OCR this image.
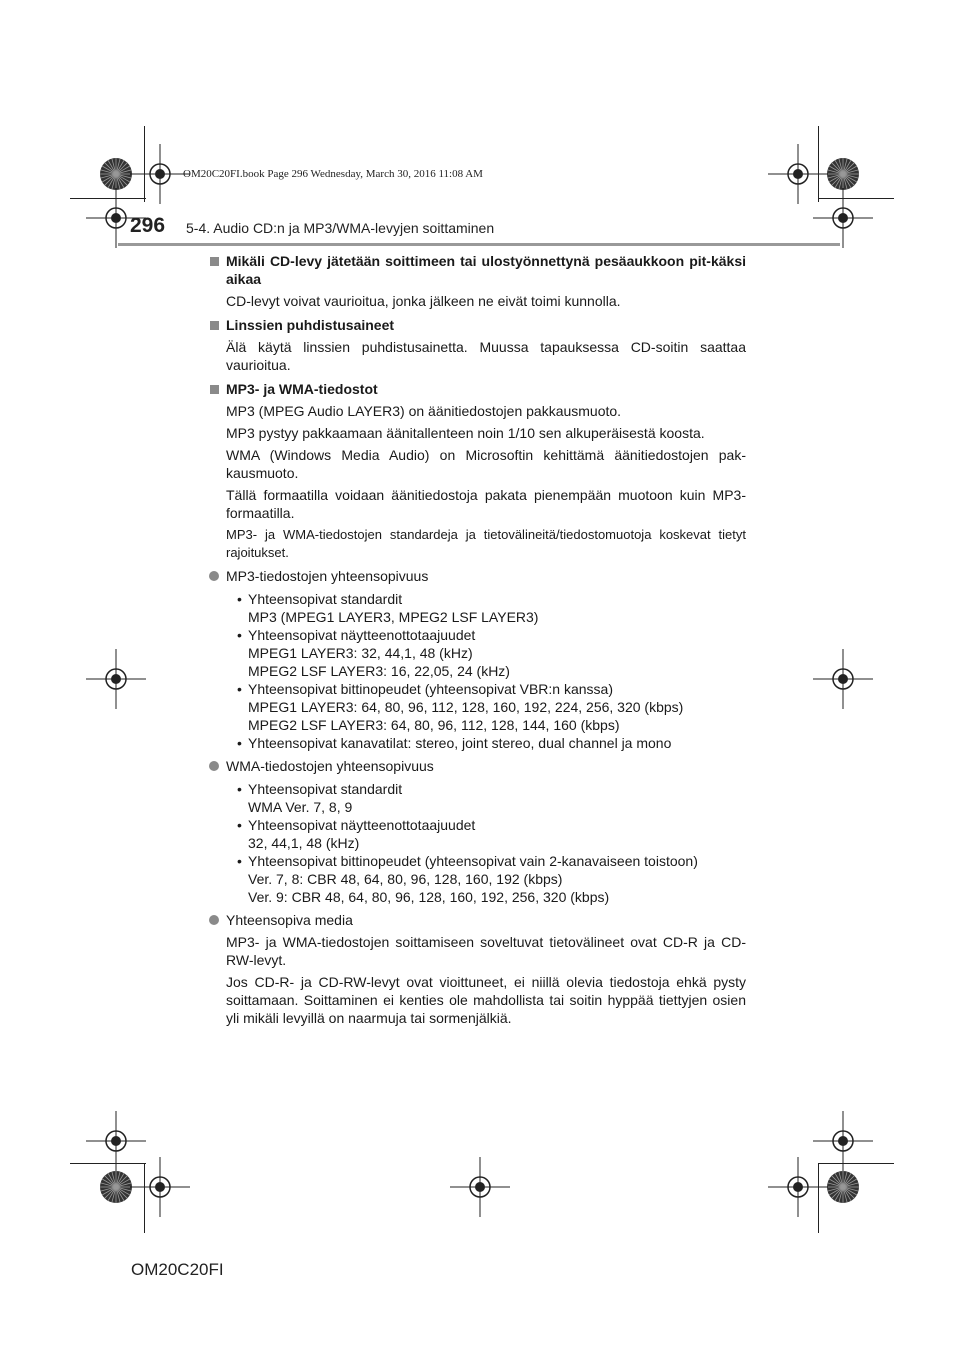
OM20C20FI.book Page 296 Wednesday, March 30, 2016 11:08 AM
296 5-4. Audio CD:n ja MP3/WMA-levyjen soittaminen
Mikäli CD-levy jätetään soittimeen tai ulostyönnettynä pesäaukkoon pit-käksi aikaa
CD-levyt voivat vaurioitua, jonka jälkeen ne eivät toimi kunnolla.
Linssien puhdistusaineet
Älä käytä linssien puhdistusainetta. Muussa tapauksessa CD-soitin saattaa vaurioitua.
MP3- ja WMA-tiedostot
MP3 (MPEG Audio LAYER3) on äänitiedostojen pakkausmuoto.
MP3 pystyy pakkaamaan äänitallenteen noin 1/10 sen alkuperäisestä koosta.
WMA (Windows Media Audio) on Microsoftin kehittämä äänitiedostojen pak-kausmuoto.
Tällä formaatilla voidaan äänitiedostoja pakata pienempään muotoon kuin MP3-formaatilla.
MP3- ja WMA-tiedostojen standardeja ja tietovälineitä/tiedostomuotoja koskevat tietyt rajoitukset.
MP3-tiedostojen yhteensopivuus
• Yhteensopivat standardit
MP3 (MPEG1 LAYER3, MPEG2 LSF LAYER3)
• Yhteensopivat näytteenottotaajuudet
MPEG1 LAYER3: 32, 44,1, 48 (kHz)
MPEG2 LSF LAYER3: 16, 22,05, 24 (kHz)
• Yhteensopivat bittinopeudet (yhteensopivat VBR:n kanssa)
MPEG1 LAYER3: 64, 80, 96, 112, 128, 160, 192, 224, 256, 320 (kbps)
MPEG2 LSF LAYER3: 64, 80, 96, 112, 128, 144, 160 (kbps)
• Yhteensopivat kanavatilat: stereo, joint stereo, dual channel ja mono
WMA-tiedostojen yhteensopivuus
• Yhteensopivat standardit
WMA Ver. 7, 8, 9
• Yhteensopivat näytteenottotaajuudet
32, 44,1, 48 (kHz)
• Yhteensopivat bittinopeudet (yhteensopivat vain 2-kanavaiseen toistoon)
Ver. 7, 8: CBR 48, 64, 80, 96, 128, 160, 192 (kbps)
Ver. 9: CBR 48, 64, 80, 96, 128, 160, 192, 256, 320 (kbps)
Yhteensopiva media
MP3- ja WMA-tiedostojen soittamiseen soveltuvat tietovälineet ovat CD-R ja CD-RW-levyt.
Jos CD-R- ja CD-RW-levyt ovat vioittuneet, ei niillä olevia tiedostoja ehkä pysty soittamaan. Soittaminen ei kenties ole mahdollista tai soitin hyppää tiettyjen osien yli mikäli levyillä on naarmuja tai sormenjälkiä.
OM20C20FI
